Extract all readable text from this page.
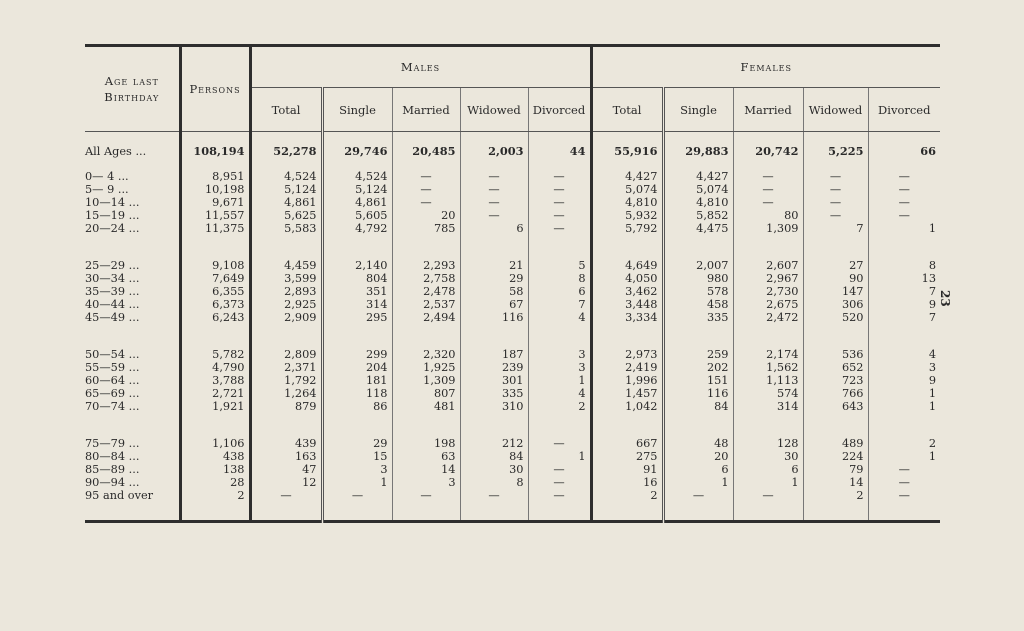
23
Age last Birthday	Persons	Males					Females				
		Total	Single	Married	Widowed	Divorced	Total	Single	Married	Widowed	Divorced
All Ages ...	108,194	52,278	29,746	20,485	2,003	44	55,916	29,883	20,742	5,225	66
0— 4 ...	8,951	4,524	4,524	—	—	—	4,427	4,427	—	—	—
5— 9 ...	10,198	5,124	5,124	—	—	—	5,074	5,074	—	—	—
10—14 ...	9,671	4,861	4,861	—	—	—	4,810	4,810	—	—	—
15—19 ...	11,557	5,625	5,605	20	—	—	5,932	5,852	80	—	—
20—24 ...	11,375	5,583	4,792	785	6	—	5,792	4,475	1,309	7	1

25—29 ...	9,108	4,459	2,140	2,293	21	5	4,649	2,007	2,607	27	8
30—34 ...	7,649	3,599	804	2,758	29	8	4,050	980	2,967	90	13
35—39 ...	6,355	2,893	351	2,478	58	6	3,462	578	2,730	147	7
40—44 ...	6,373	2,925	314	2,537	67	7	3,448	458	2,675	306	9
45—49 ...	6,243	2,909	295	2,494	116	4	3,334	335	2,472	520	7

50—54 ...	5,782	2,809	299	2,320	187	3	2,973	259	2,174	536	4
55—59 ...	4,790	2,371	204	1,925	239	3	2,419	202	1,562	652	3
60—64 ...	3,788	1,792	181	1,309	301	1	1,996	151	1,113	723	9
65—69 ...	2,721	1,264	118	807	335	4	1,457	116	574	766	1
70—74 ...	1,921	879	86	481	310	2	1,042	84	314	643	1

75—79 ...	1,106	439	29	198	212	—	667	48	128	489	2
80—84 ...	438	163	15	63	84	1	275	20	30	224	1
85—89 ...	138	47	3	14	30	—	91	6	6	79	—
90—94 ...	28	12	1	3	8	—	16	1	1	14	—
95 and over	2	—	—	—	—	—	2	—	—	2	—
